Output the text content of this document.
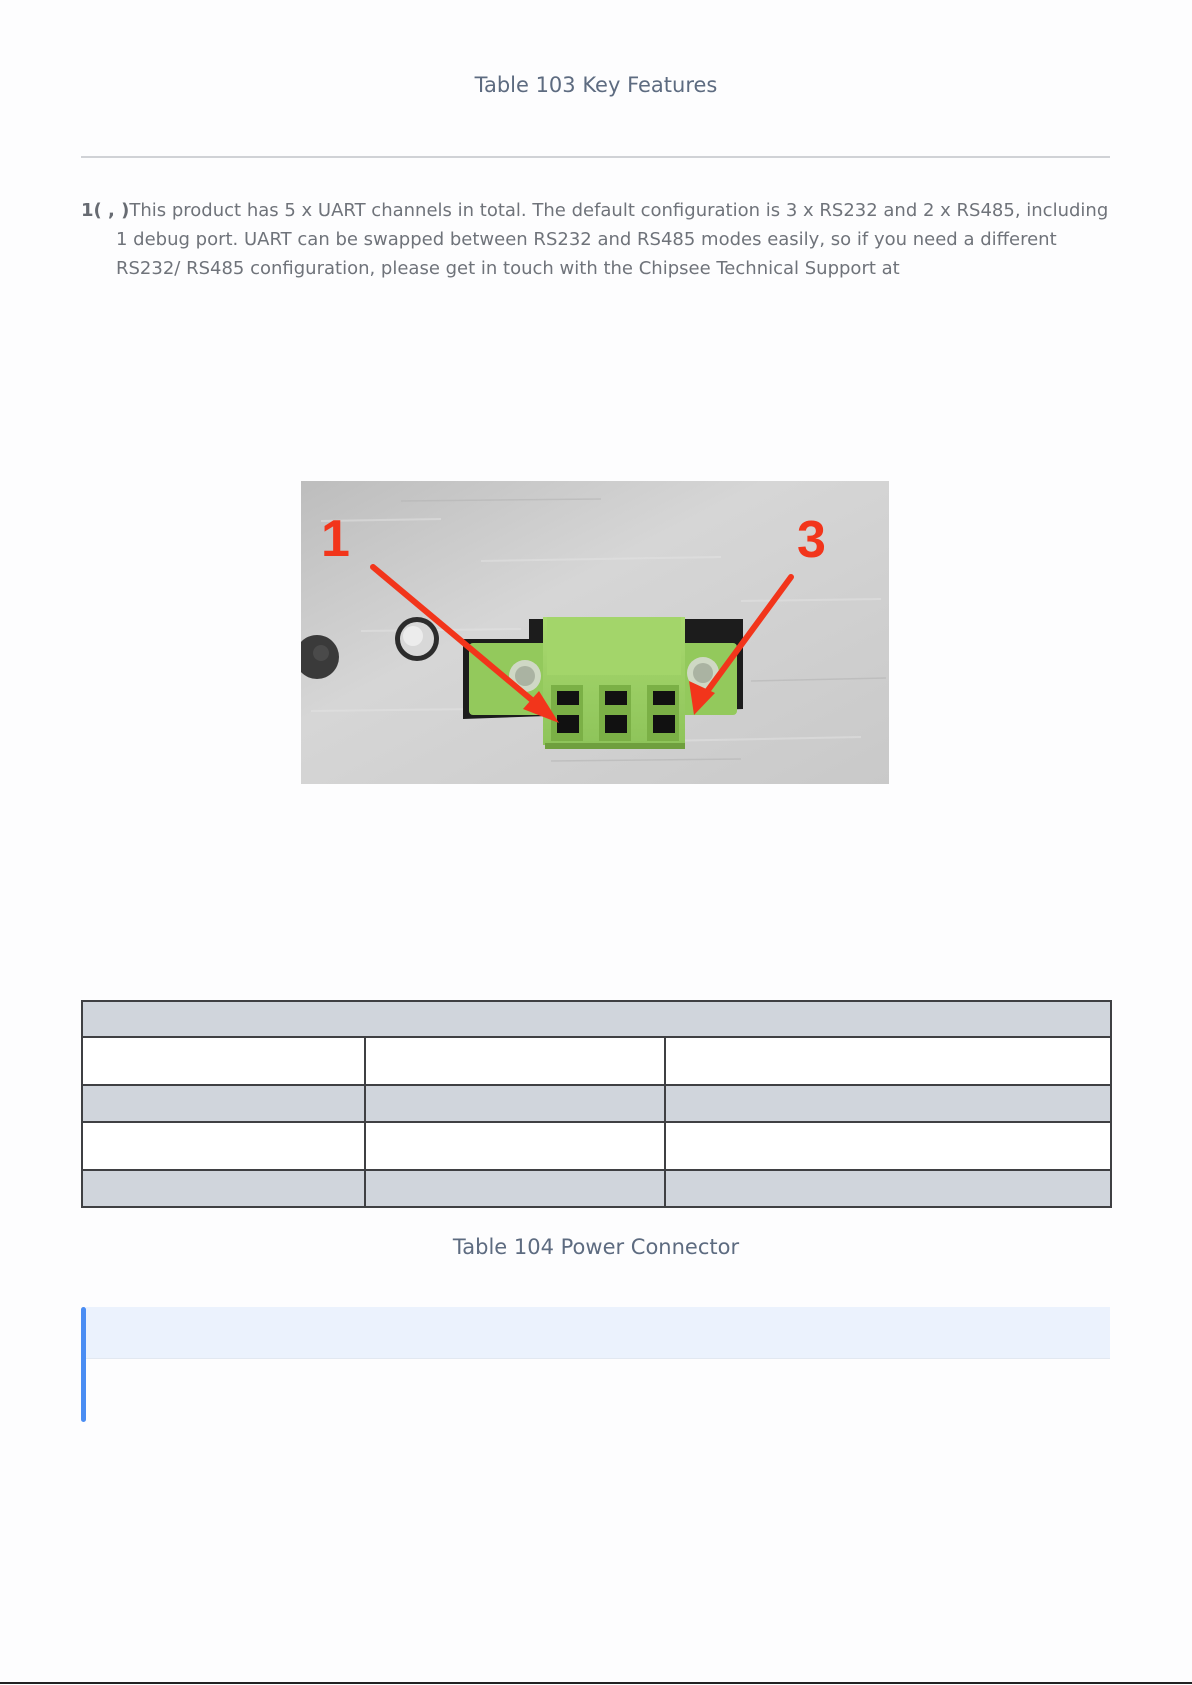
Table 103 Key Features
1( , )This product has 5 x UART channels in total. The default configuration is 3 x RS232 and 2 x RS485, including 1 debug port. UART can be swapped between RS232 and RS485 modes easily, so if you need a different RS232/ RS485 configuration, please get in touch with the Chipsee Technical Support at
1	3

Table 104 Power Connector
